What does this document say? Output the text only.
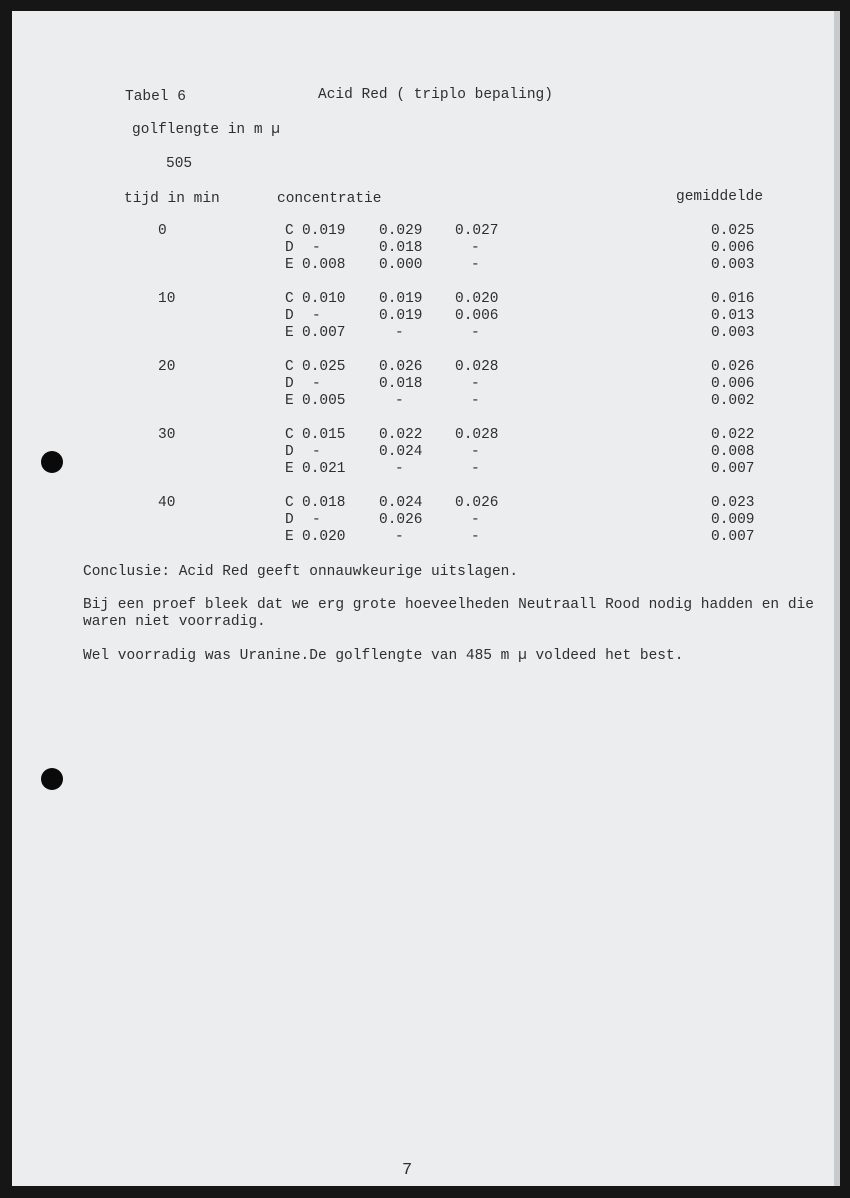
Tabel 6	Acid Red ( triplo bepaling)
golflengte in m µ
505
tijd in min	concentratie	gemiddelde
0	C 0.019 0.029 0.027	0.025
D -	0.018	-	0.006
E 0.008 0.000	-	0.003
10	C 0.010 0.019 0.020	0.016
D -	0.019 0.006	0.013
E 0.007	-	-	0.003
20	C 0.025 0.026 0.028	0.026
D -	0.018	-	0.006
E 0.005	-	-	0.002
30	C 0.015 0.022 0.028	0.022
D -	0.024	-	0.008
E 0.021	-	-	0.007
40	C 0.018 0.024 0.026	0.023
D -	0.026	-	0.009
E 0.020	-	-	0.007
Conclusie: Acid Red geeft onnauwkeurige uitslagen.
Bij een proef bleek dat we erg grote hoeveelheden Neutraall Rood nodig hadden en die
waren niet voorradig.
Wel voorradig was Uranine.De golflengte van 485 m µ voldeed het best.
7
